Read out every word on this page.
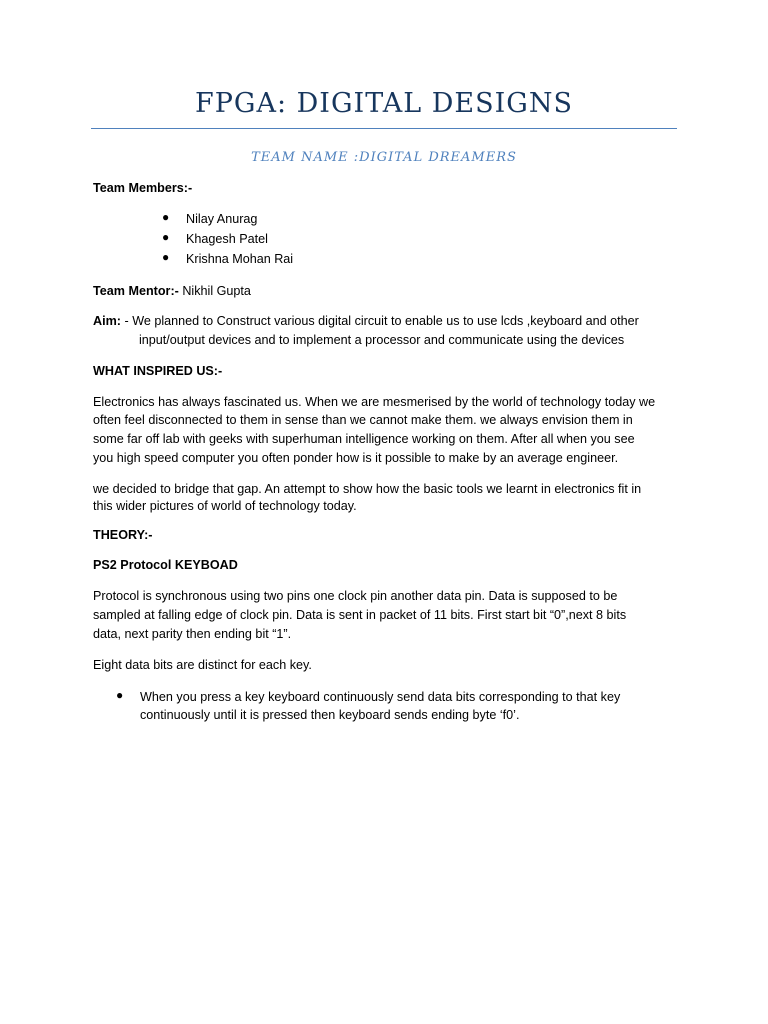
FPGA: DIGITAL DESIGNS
TEAM NAME :DIGITAL DREAMERS
Team Members:-
● Nilay Anurag
● Khagesh Patel
● Krishna Mohan Rai
Team Mentor:- Nikhil Gupta
Aim: - We planned to Construct various digital circuit to enable us to use lcds ,keyboard and other
input/output devices and to implement a processor and communicate using the devices
WHAT INSPIRED US:-
Electronics has always fascinated us. When we are mesmerised by the world of technology today we
often feel disconnected to them in sense than we cannot make them. we always envision them in
some far off lab with geeks with superhuman intelligence working on them. After all when you see
you high speed computer you often ponder how is it possible to make by an average engineer.
we decided to bridge that gap. An attempt to show how the basic tools we learnt in electronics fit in
this wider pictures of world of technology today.
THEORY:-
PS2 Protocol KEYBOAD
Protocol is synchronous using two pins one clock pin another data pin. Data is supposed to be
sampled at falling edge of clock pin. Data is sent in packet of 11 bits. First start bit “0”,next 8 bits
data, next parity then ending bit “1”.
Eight data bits are distinct for each key.
● When you press a key keyboard continuously send data bits corresponding to that key
continuously until it is pressed then keyboard sends ending byte ‘f0’.
